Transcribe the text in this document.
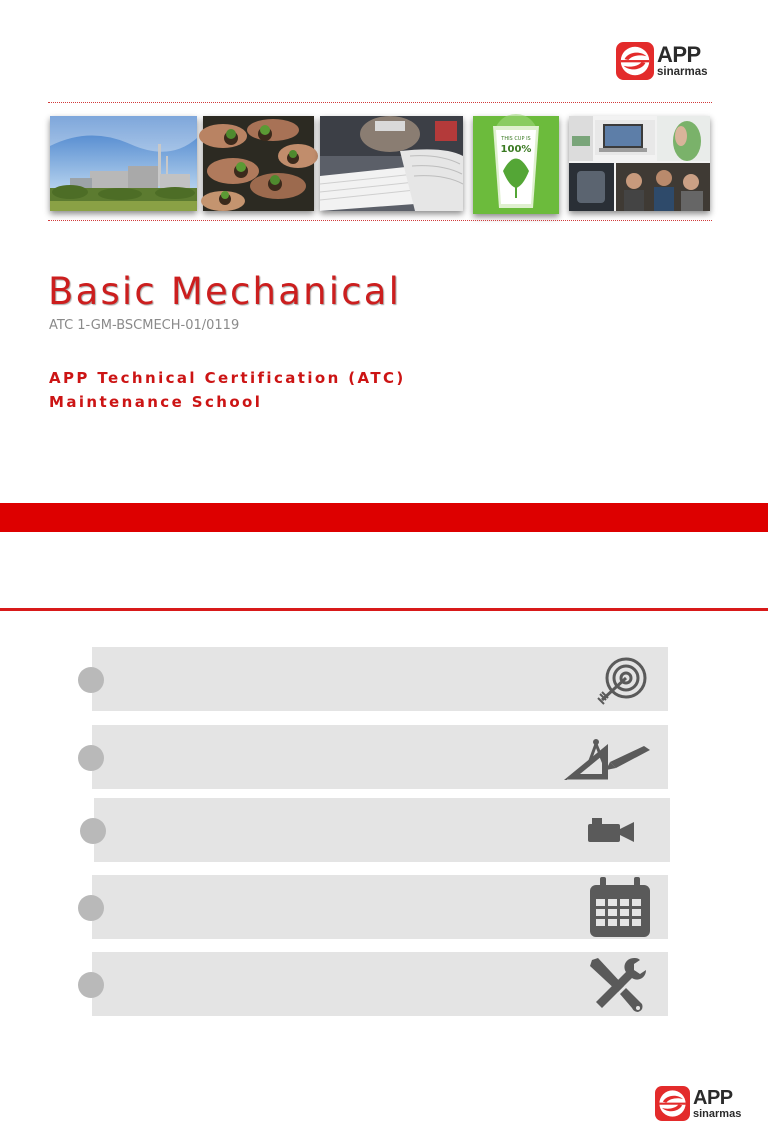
APP
sinarmas
THIS CUP IS
100%
Basic Mechanical
ATC 1-GM-BSCMECH-01/0119
APP Technical Certification (ATC)
Maintenance School
APP
sinarmas
